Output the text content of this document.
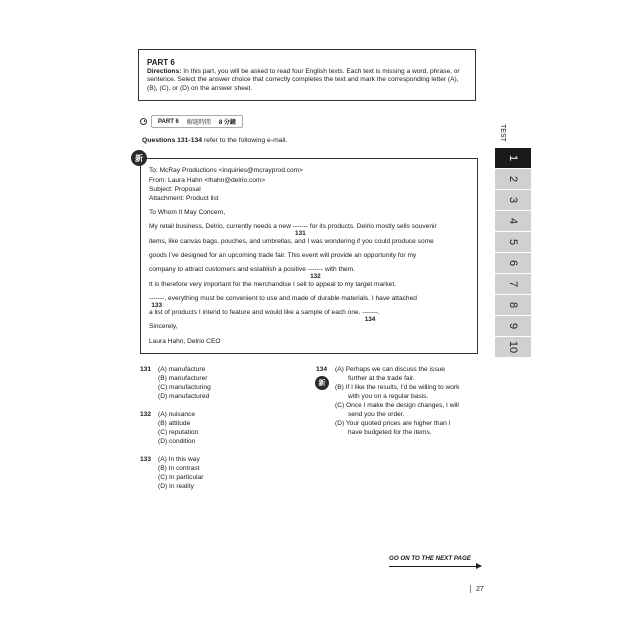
PART 6
Directions: In this part, you will be asked to read four English texts. Each text is missing a word, phrase, or sentence. Select the answer choice that correctly completes the text and mark the corresponding letter (A), (B), (C), or (D) on the answer sheet.
PART 6 解題時間 8 分鐘
Questions 131-134 refer to the following e-mail.
新
To: McRay Productions <inquiries@mcrayprod.com>
From: Laura Hahn <lhahn@delrio.com>
Subject: Proposal
Attachment: Product list
To Whom It May Concern,
My retail business, Delrio, currently needs a new -------
131
for its products. Delrio mostly sells souvenir
items, like canvas bags, pouches, and umbrellas, and I was wondering if you could produce some
goods I've designed for an upcoming trade fair. This event will provide an opportunity for my
company to attract customers and establish a positive -------
132
with them.
It is therefore very important for the merchandise I sell to appeal to my target market.
-------
133
, everything must be convenient to use and made of durable materials. I have attached
a list of products I intend to feature and would like a sample of each one. -------
134
.
Sincerely,
Laura Hahn, Delrio CEO
131 (A) manufacture
(B) manufacturer
(C) manufacturing
(D) manufactured
132 (A) nuisance
(B) attitude
(C) reputation
(D) condition
133 (A) In this way
(B) In contrast
(C) In particular
(D) In reality
134
新
(A) Perhaps we can discuss the issue
further at the trade fair.
(B) If I like the results, I'd be willing to work
with you on a regular basis.
(C) Once I make the design changes, I will
send you the order.
(D) Your quoted prices are higher than I
have budgeted for the items.
TEST
1
2
3
4
5
6
7
8
9
10
GO ON TO THE NEXT PAGE
27
